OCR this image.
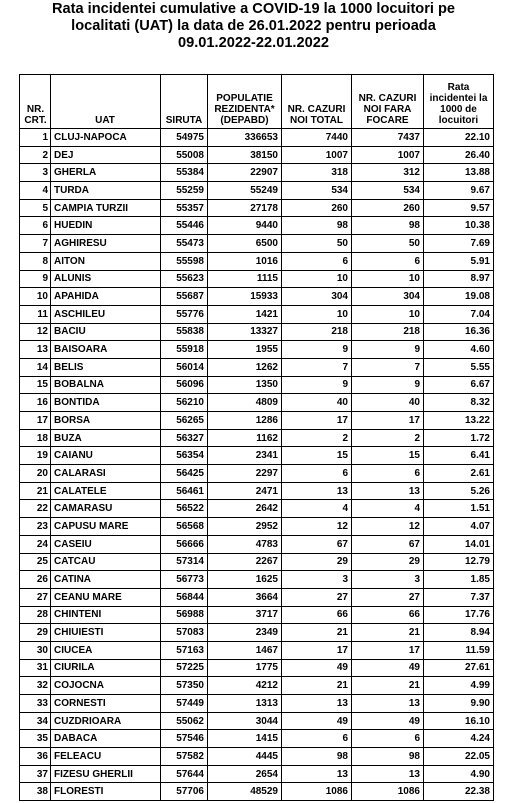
Rata incidentei cumulative a COVID-19 la 1000 locuitori pe
localitati (UAT) la data de 26.01.2022 pentru perioada
09.01.2022-22.01.2022
NR. CRT.	UAT	SIRUTA	POPULATIE REZIDENTA* (DEPABD)	NR. CAZURI NOI TOTAL	NR. CAZURI NOI FARA FOCARE	Rata incidentei la 1000 de locuitori
1	CLUJ-NAPOCA	54975	336653	7440	7437	22.10
2	DEJ	55008	38150	1007	1007	26.40
3	GHERLA	55384	22907	318	312	13.88
4	TURDA	55259	55249	534	534	9.67
5	CAMPIA TURZII	55357	27178	260	260	9.57
6	HUEDIN	55446	9440	98	98	10.38
7	AGHIRESU	55473	6500	50	50	7.69
8	AITON	55598	1016	6	6	5.91
9	ALUNIS	55623	1115	10	10	8.97
10	APAHIDA	55687	15933	304	304	19.08
11	ASCHILEU	55776	1421	10	10	7.04
12	BACIU	55838	13327	218	218	16.36
13	BAISOARA	55918	1955	9	9	4.60
14	BELIS	56014	1262	7	7	5.55
15	BOBALNA	56096	1350	9	9	6.67
16	BONTIDA	56210	4809	40	40	8.32
17	BORSA	56265	1286	17	17	13.22
18	BUZA	56327	1162	2	2	1.72
19	CAIANU	56354	2341	15	15	6.41
20	CALARASI	56425	2297	6	6	2.61
21	CALATELE	56461	2471	13	13	5.26
22	CAMARASU	56522	2642	4	4	1.51
23	CAPUSU MARE	56568	2952	12	12	4.07
24	CASEIU	56666	4783	67	67	14.01
25	CATCAU	57314	2267	29	29	12.79
26	CATINA	56773	1625	3	3	1.85
27	CEANU MARE	56844	3664	27	27	7.37
28	CHINTENI	56988	3717	66	66	17.76
29	CHIUIESTI	57083	2349	21	21	8.94
30	CIUCEA	57163	1467	17	17	11.59
31	CIURILA	57225	1775	49	49	27.61
32	COJOCNA	57350	4212	21	21	4.99
33	CORNESTI	57449	1313	13	13	9.90
34	CUZDRIOARA	55062	3044	49	49	16.10
35	DABACA	57546	1415	6	6	4.24
36	FELEACU	57582	4445	98	98	22.05
37	FIZESU GHERLII	57644	2654	13	13	4.90
38	FLORESTI	57706	48529	1086	1086	22.38
